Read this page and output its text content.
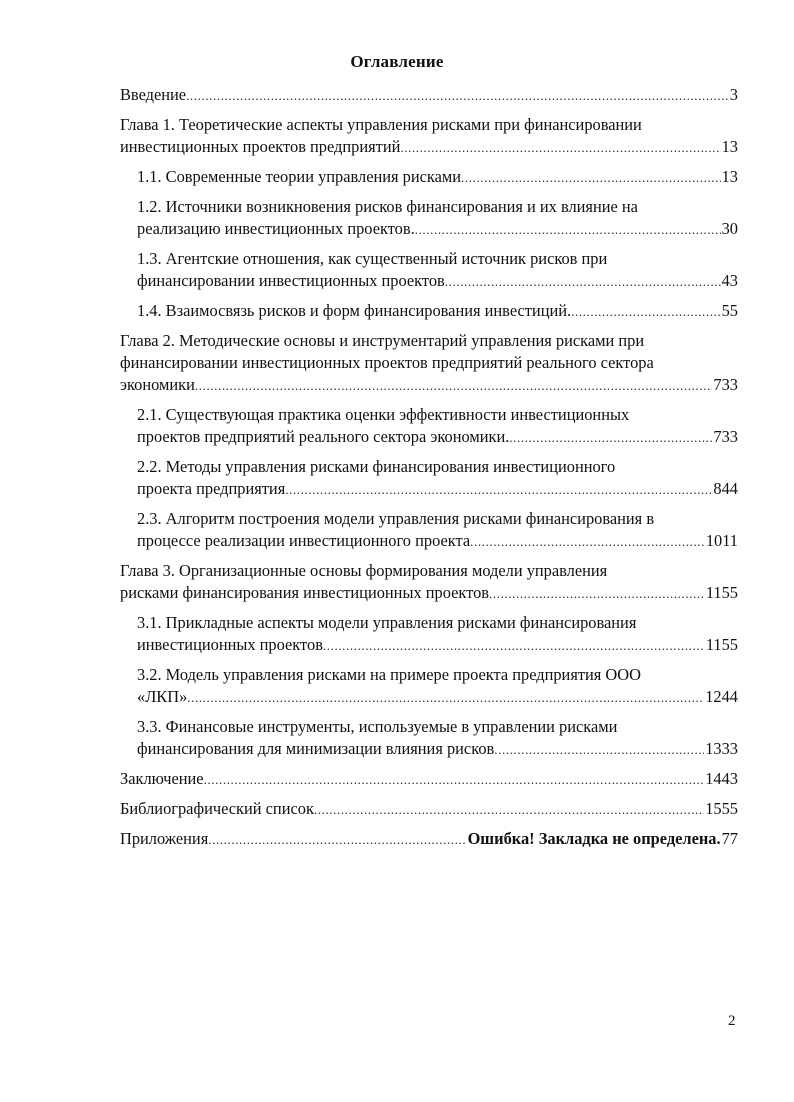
Оглавление
Введение .....	3
Глава 1. Теоретические аспекты управления рисками при финансировании
инвестиционных проектов предприятий .....	13
1.1. Современные теории управления рисками .....	13
1.2. Источники возникновения рисков финансирования и их влияние на
реализацию инвестиционных проектов. .....	30
1.3. Агентские отношения, как существенный источник рисков при
финансировании инвестиционных проектов .....	43
1.4. Взаимосвязь рисков и форм финансирования инвестиций. .....	55
Глава 2. Методические основы и инструментарий управления рисками при
финансировании инвестиционных проектов предприятий реального сектора
экономики .....	733
2.1. Существующая практика оценки эффективности инвестиционных
проектов предприятий реального сектора экономики. .....	733
2.2. Методы управления рисками финансирования инвестиционного
проекта предприятия .....	844
2.3. Алгоритм построения модели управления рисками финансирования в
процессе реализации инвестиционного проекта .....	1011
Глава 3. Организационные основы формирования модели управления
рисками финансирования инвестиционных проектов .....	1155
3.1. Прикладные аспекты модели управления рисками финансирования
инвестиционных проектов .....	1155
3.2. Модель управления рисками на примере проекта предприятия ООО
«ЛКП» .....	1244
3.3. Финансовые инструменты, используемые в управлении рисками
финансирования для минимизации влияния рисков .....	1333
Заключение .....	1443
Библиографический список .....	1555
Приложения .....	Ошибка! Закладка не определена. 77
2
